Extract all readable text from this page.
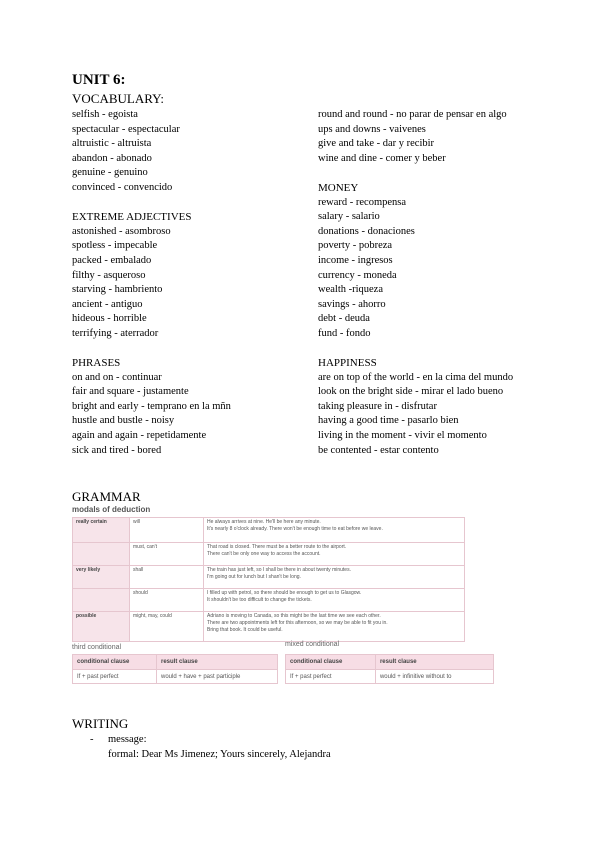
UNIT 6:
VOCABULARY:
selfish - egoista
spectacular - espectacular
altruistic - altruista
abandon - abonado
genuine - genuino
convinced - convencido
EXTREME ADJECTIVES
astonished - asombroso
spotless - impecable
packed - embalado
filthy - asqueroso
starving - hambriento
ancient - antiguo
hideous - horrible
terrifying - aterrador
PHRASES
on and on - continuar
fair and square - justamente
bright and early - temprano en la mñn
hustle and bustle - noisy
again and again - repetidamente
sick and tired - bored
round and round - no parar de pensar en algo
ups and downs - vaivenes
give and take - dar y recibir
wine and dine - comer y beber
MONEY
reward - recompensa
salary - salario
donations - donaciones
poverty - pobreza
income - ingresos
currency - moneda
wealth -riqueza
savings - ahorro
debt - deuda
fund - fondo
HAPPINESS
are on top of the world - en la cima del mundo
look on the bright side - mirar el lado bueno
taking pleasure in - disfrutar
having a good time - pasarlo bien
living in the moment - vivir el momento
be contented - estar contento
GRAMMAR
modals of deduction
really certain	will	He always arrives at nine. He'll be here any minute.
It's nearly 8 o'clock already. There won't be enough time to eat before we leave.

	must, can't	That road is closed. There must be a better route to the airport.
There can't be only one way to access the account.

very likely	shall	The train has just left, so I shall be there in about twenty minutes.
I'm going out for lunch but I shan't be long.

	should	I filled up with petrol, so there should be enough to get us to Glasgow.
It shouldn't be too difficult to change the tickets.

possible	might, may, could	Adriano is moving to Canada, so this might be the last time we see each other.
There are two appointments left for this afternoon, so we may be able to fit you in.
Bring that book. It could be useful.
third conditional
conditional clause	result clause
If + past perfect	would + have + past participle
mixed conditional
conditional clause	result clause
If + past perfect	would + infinitive without to
WRITING
- message:
formal: Dear Ms Jimenez; Yours sincerely, Alejandra
